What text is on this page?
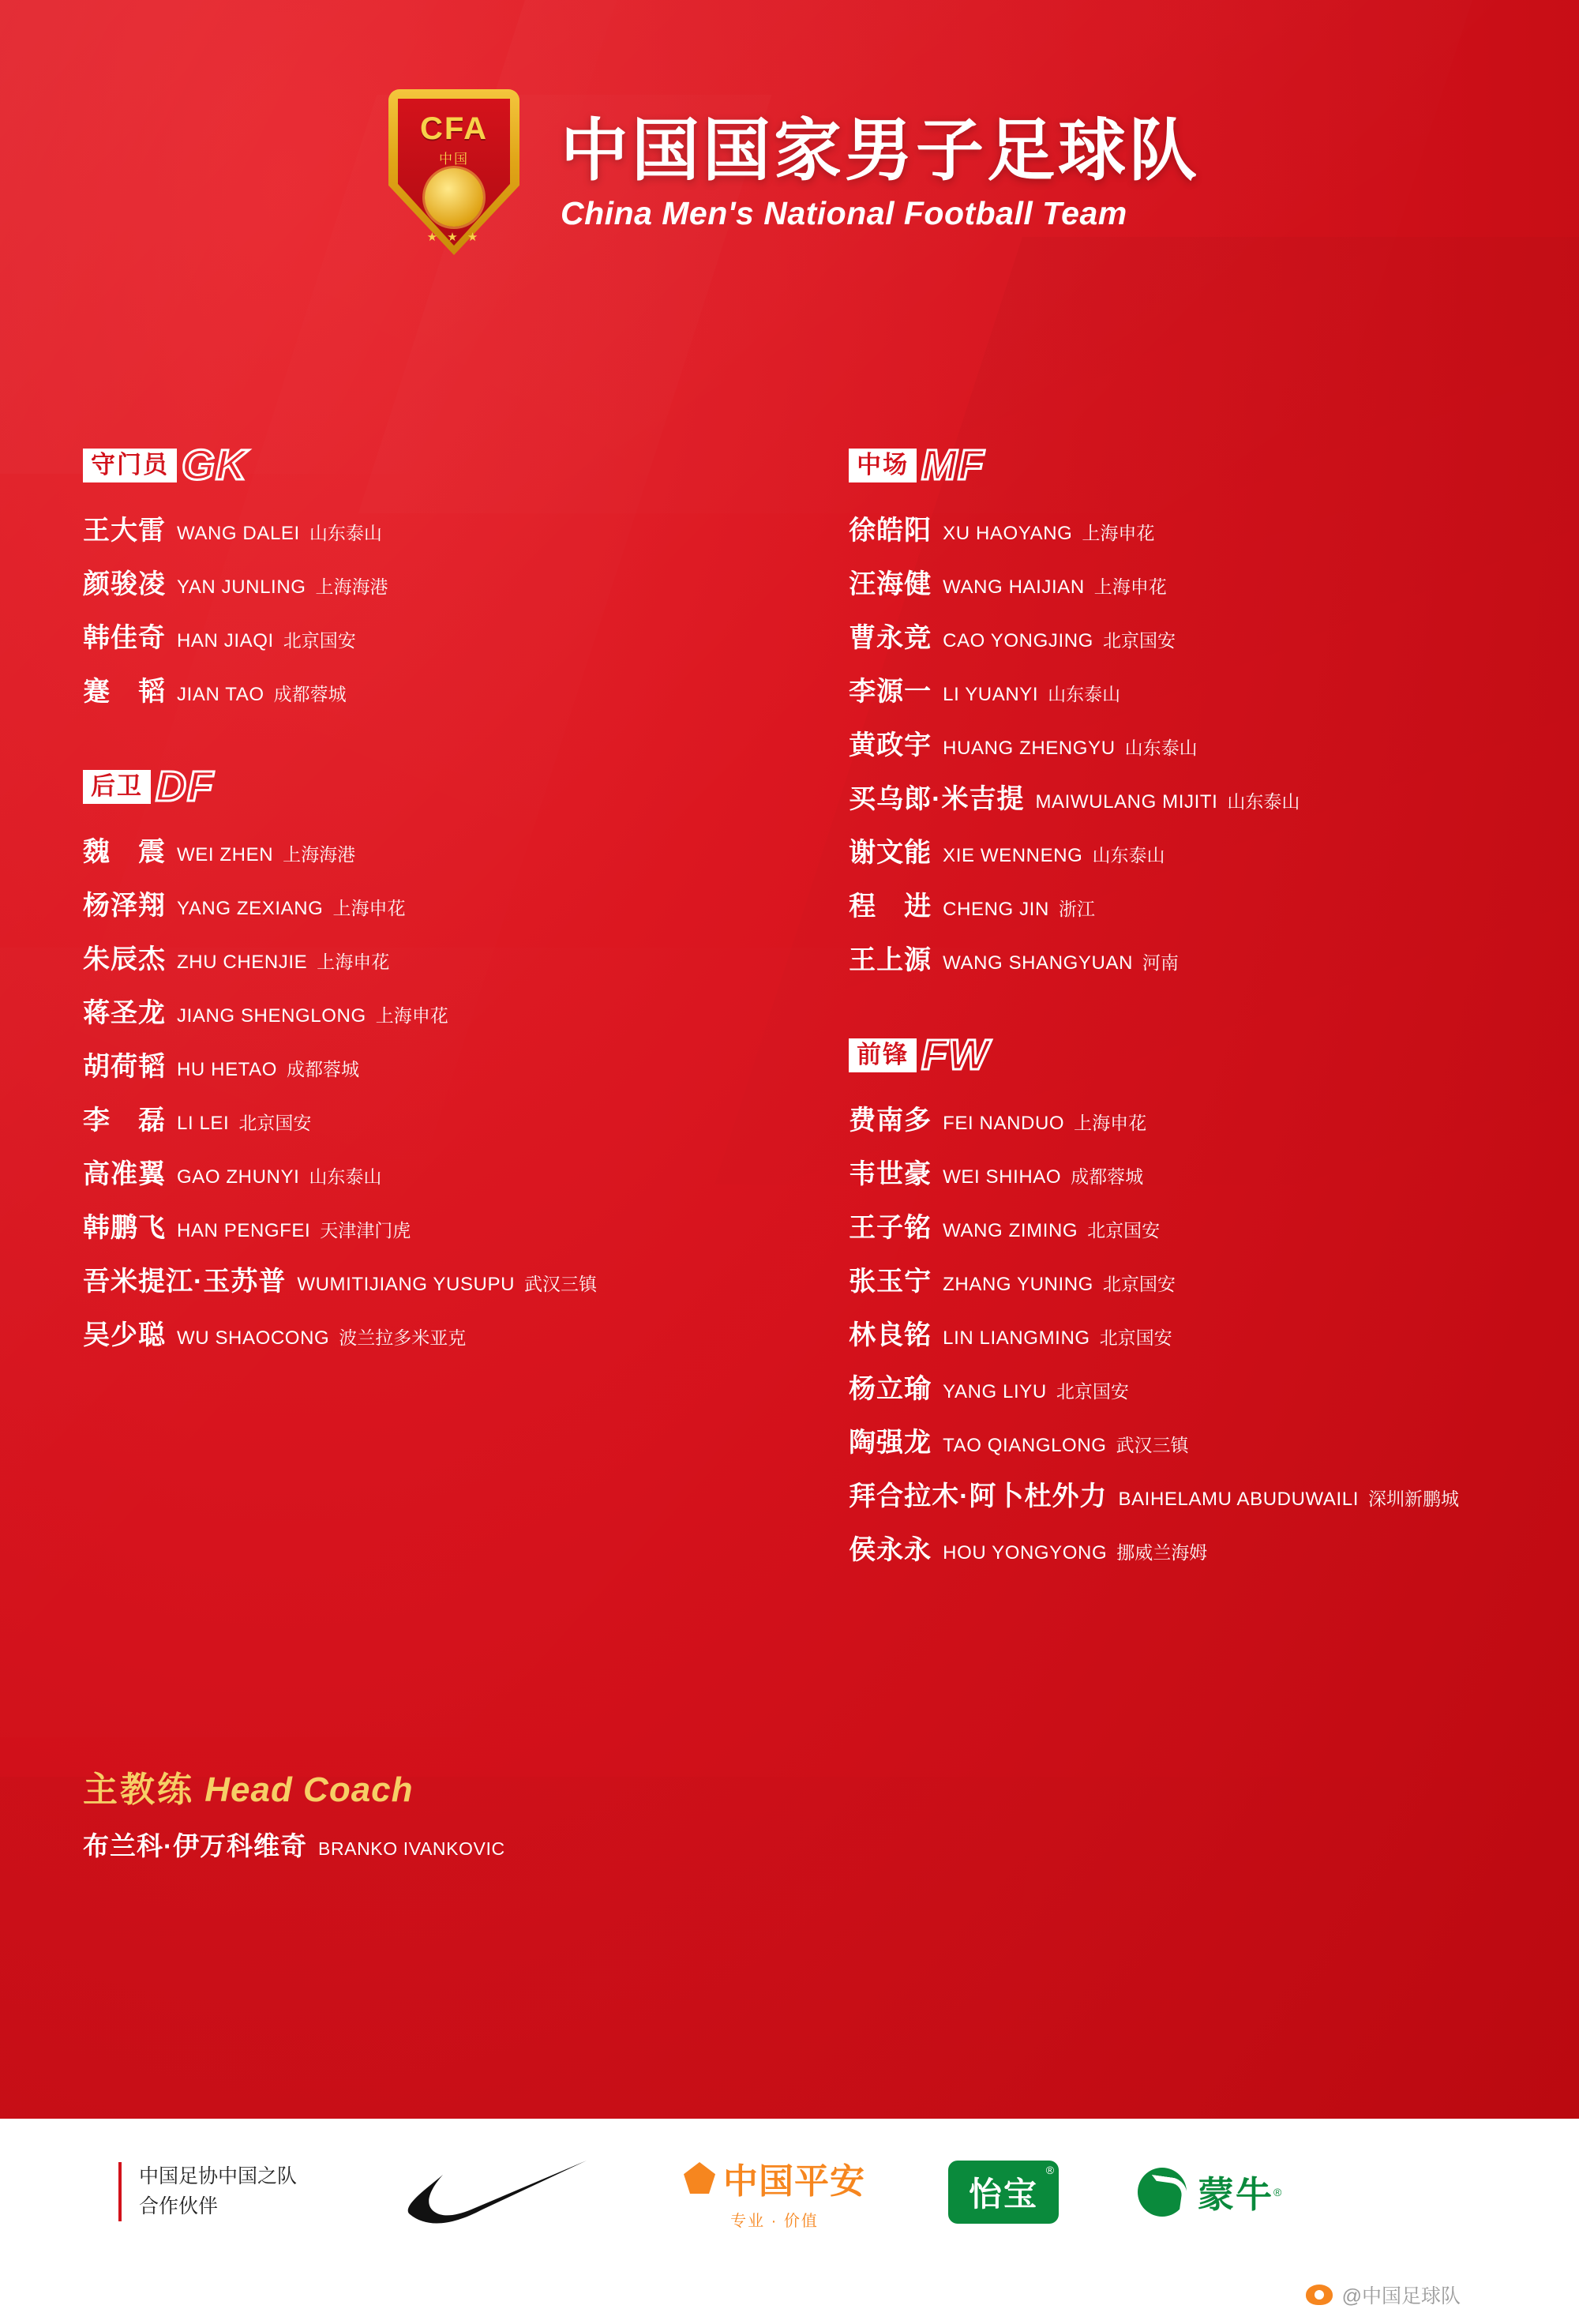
CFA
中国
★ ★ ★
中国国家男子足球队
China Men's National Football Team
守门员 GK
王大雷 WANG DALEI 山东泰山
颜骏凌 YAN JUNLING 上海海港
韩佳奇 HAN JIAQI 北京国安
蹇　韬 JIAN TAO 成都蓉城
后卫 DF
魏　震 WEI ZHEN 上海海港
杨泽翔 YANG ZEXIANG 上海申花
朱辰杰 ZHU CHENJIE 上海申花
蒋圣龙 JIANG SHENGLONG 上海申花
胡荷韬 HU HETAO 成都蓉城
李　磊 LI LEI 北京国安
高准翼 GAO ZHUNYI 山东泰山
韩鹏飞 HAN PENGFEI 天津津门虎
吾米提江·玉苏普 WUMITIJIANG YUSUPU 武汉三镇
吴少聪 WU SHAOCONG 波兰拉多米亚克
中场 MF
徐皓阳 XU HAOYANG 上海申花
汪海健 WANG HAIJIAN 上海申花
曹永竞 CAO YONGJING 北京国安
李源一 LI YUANYI 山东泰山
黄政宇 HUANG ZHENGYU 山东泰山
买乌郎·米吉提 MAIWULANG MIJITI 山东泰山
谢文能 XIE WENNENG 山东泰山
程　进 CHENG JIN 浙江
王上源 WANG SHANGYUAN 河南
前锋 FW
费南多 FEI NANDUO 上海申花
韦世豪 WEI SHIHAO 成都蓉城
王子铭 WANG ZIMING 北京国安
张玉宁 ZHANG YUNING 北京国安
林良铭 LIN LIANGMING 北京国安
杨立瑜 YANG LIYU 北京国安
陶强龙 TAO QIANGLONG 武汉三镇
拜合拉木·阿卜杜外力 BAIHELAMU ABUDUWAILI 深圳新鹏城
侯永永 HOU YONGYONG 挪威兰海姆
主教练 Head Coach
布兰科·伊万科维奇 BRANKO IVANKOVIC
中国足协中国之队
合作伙伴
中国平安
专业 · 价值
怡宝
®
蒙牛 ®
@中国足球队
